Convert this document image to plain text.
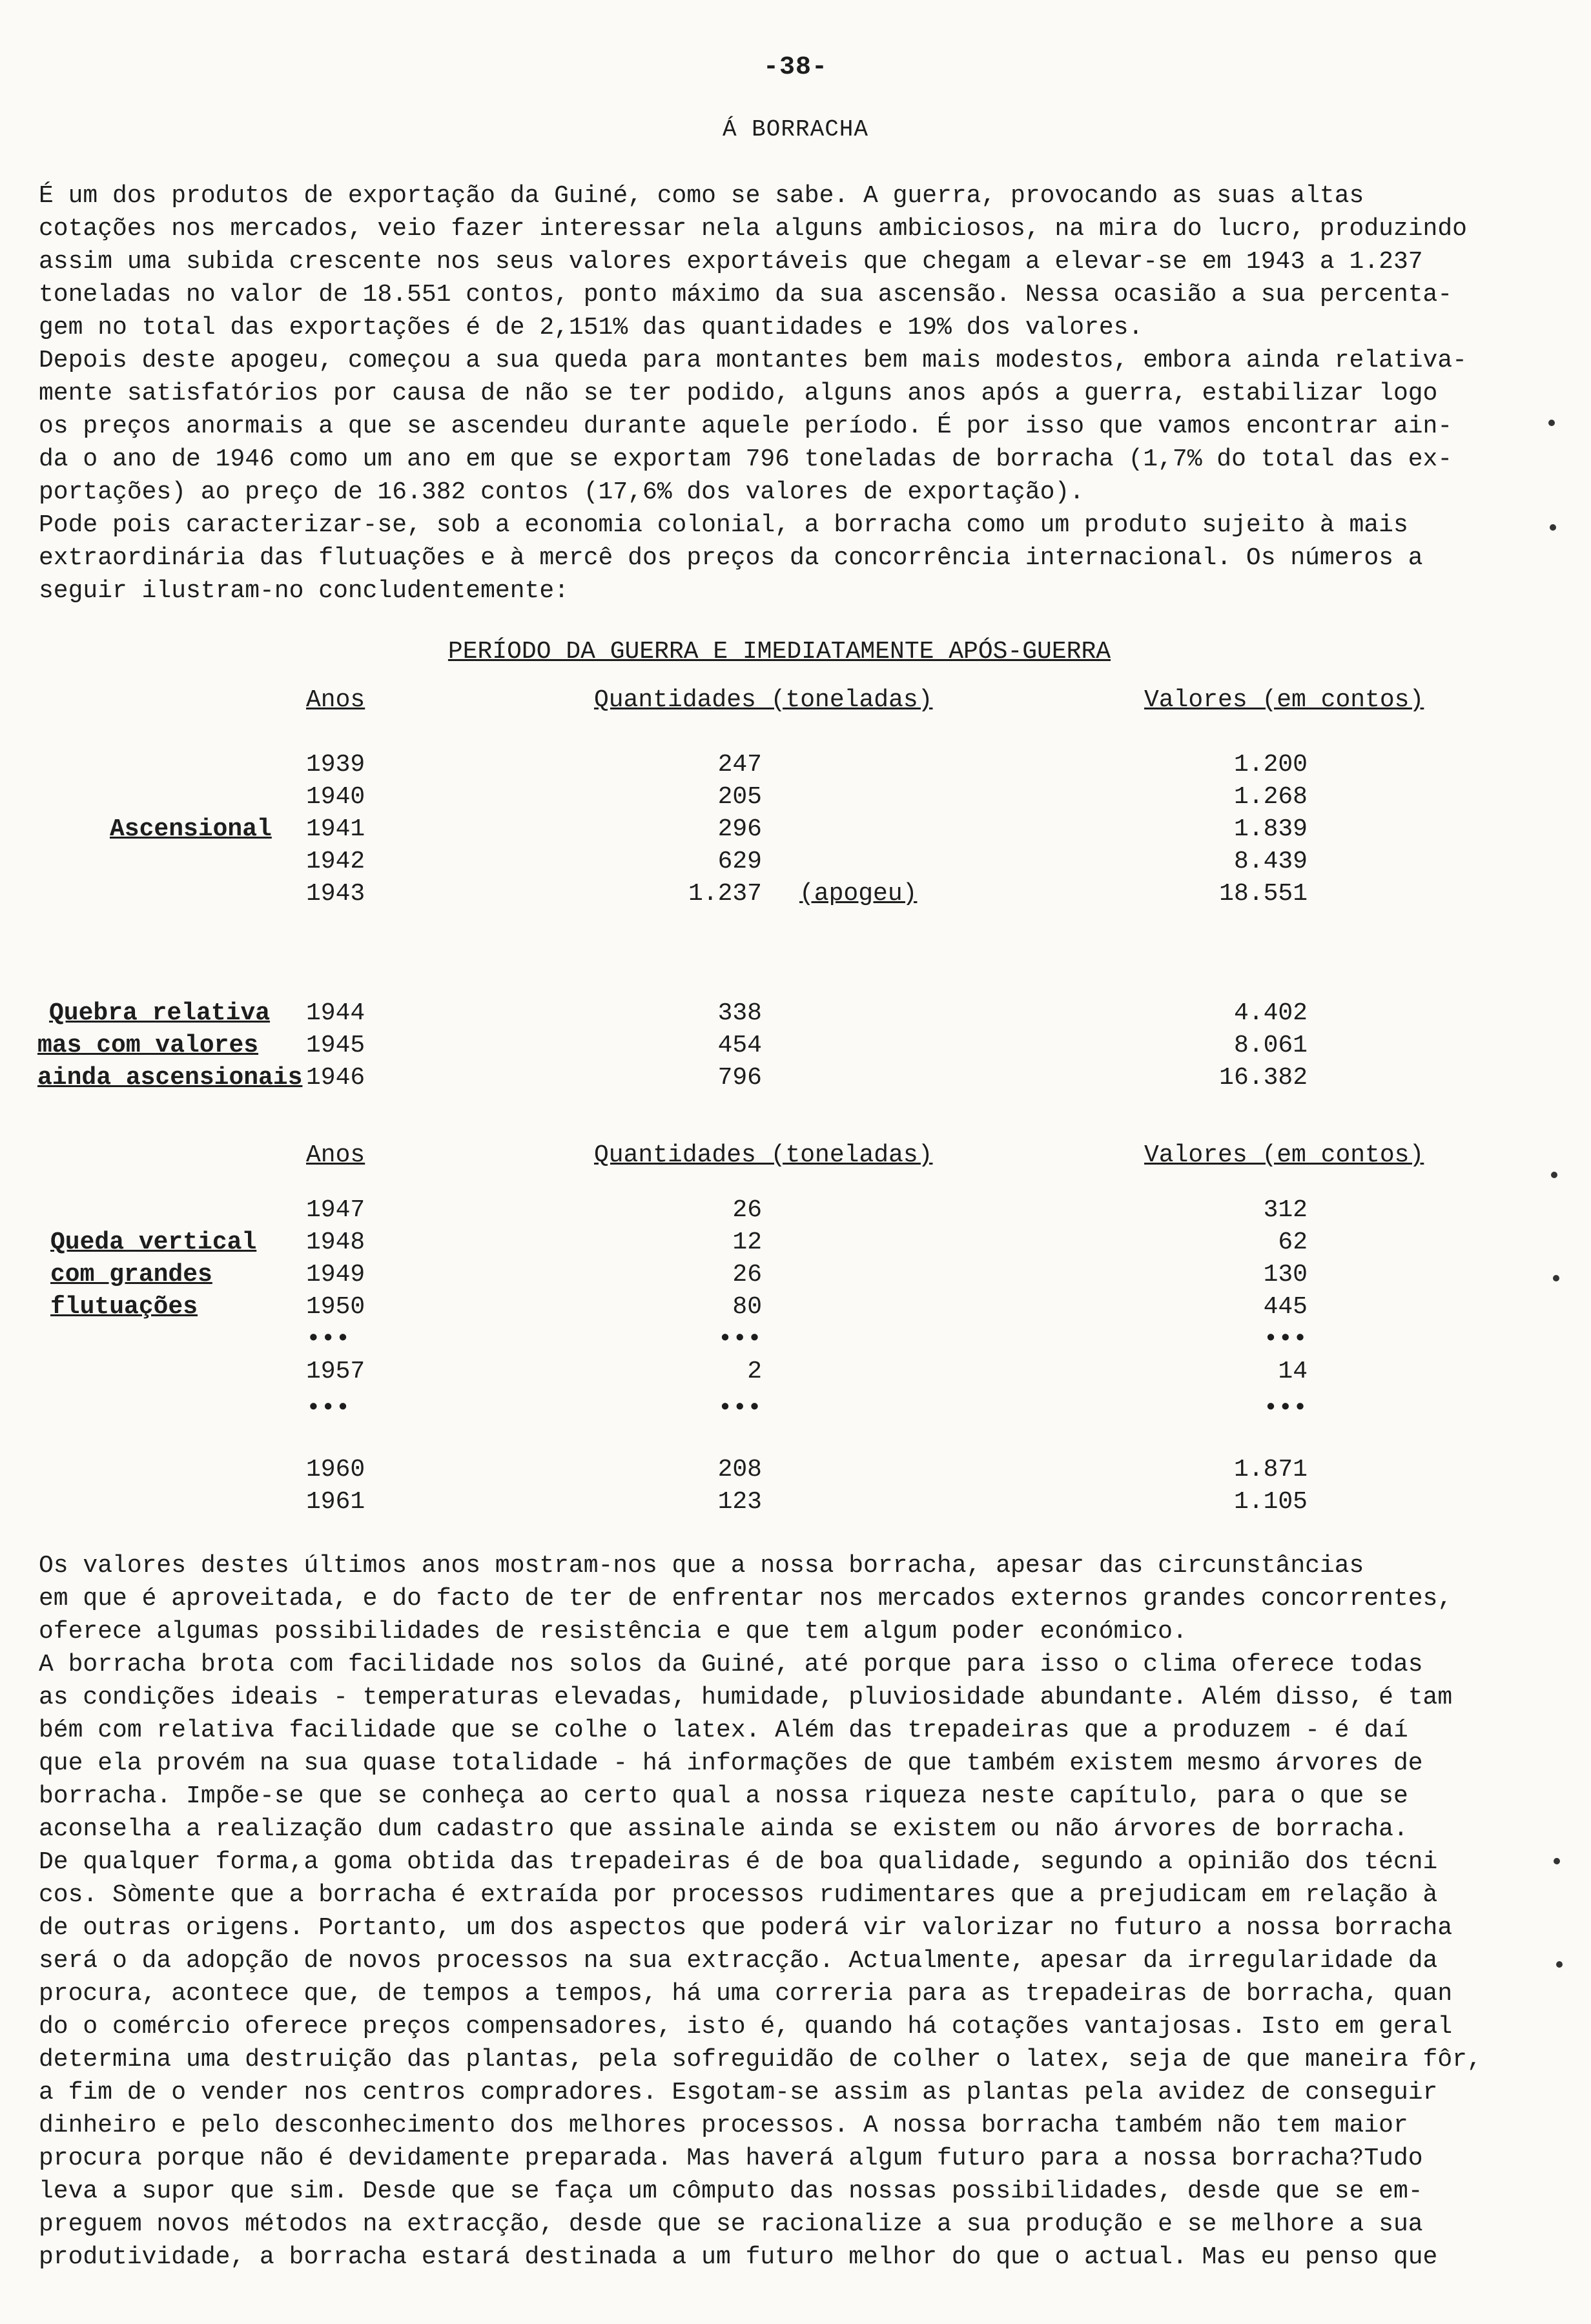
-38-
Á BORRACHA
É um dos produtos de exportação da Guiné, como se sabe. A guerra, provocando as suas altas
cotações nos mercados, veio fazer interessar nela alguns ambiciosos, na mira do lucro, produzindo
assim uma subida crescente nos seus valores exportáveis que chegam a elevar-se em 1943 a 1.237
toneladas no valor de 18.551 contos, ponto máximo da sua ascensão. Nessa ocasião a sua percenta-
gem no total das exportações é de 2,151% das quantidades e 19% dos valores.
Depois deste apogeu, começou a sua queda para montantes bem mais modestos, embora ainda relativa-
mente satisfatórios por causa de não se ter podido, alguns anos após a guerra, estabilizar logo
os preços anormais a que se ascendeu durante aquele período. É por isso que vamos encontrar ain-
da o ano de 1946 como um ano em que se exportam 796 toneladas de borracha (1,7% do total das ex-
portações) ao preço de 16.382 contos (17,6% dos valores de exportação).
Pode pois caracterizar-se, sob a economia colonial, a borracha como um produto sujeito à mais
extraordinária das flutuações e à mercê dos preços da concorrência internacional. Os números a
seguir ilustram-no concludentemente:
PERÍODO DA GUERRA E IMEDIATAMENTE APÓS-GUERRA
Anos	Quantidades (toneladas)	Valores (em contos)
Ascensional
1939	247	1.200
1940	205	1.268
1941	296	1.839
1942	629	8.439
1943	1.237 (apogeu)	18.551
Quebra relativa
mas com valores
ainda ascensionais
1944	338	4.402
1945	454	8.061
1946	796	16.382
Anos	Quantidades (toneladas)	Valores (em contos)
Queda vertical
com grandes
flutuações
1947	26	312
1948	12	62
1949	26	130
1950	80	445
•••	•••	•••
1957	2	14
•••	•••	•••
1960	208	1.871
1961	123	1.105
Os valores destes últimos anos mostram-nos que a nossa borracha, apesar das circunstâncias
em que é aproveitada, e do facto de ter de enfrentar nos mercados externos grandes concorrentes,
oferece algumas possibilidades de resistência e que tem algum poder económico.
A borracha brota com facilidade nos solos da Guiné, até porque para isso o clima oferece todas
as condições ideais - temperaturas elevadas, humidade, pluviosidade abundante. Além disso, é tam
bém com relativa facilidade que se colhe o latex. Além das trepadeiras que a produzem - é daí
que ela provém na sua quase totalidade - há informações de que também existem mesmo árvores de
borracha. Impõe-se que se conheça ao certo qual a nossa riqueza neste capítulo, para o que se
aconselha a realização dum cadastro que assinale ainda se existem ou não árvores de borracha.
De qualquer forma,a goma obtida das trepadeiras é de boa qualidade, segundo a opinião dos técni
cos. Sòmente que a borracha é extraída por processos rudimentares que a prejudicam em relação à
de outras origens. Portanto, um dos aspectos que poderá vir valorizar no futuro a nossa borracha
será o da adopção de novos processos na sua extracção. Actualmente, apesar da irregularidade da
procura, acontece que, de tempos a tempos, há uma correria para as trepadeiras de borracha, quan
do o comércio oferece preços compensadores, isto é, quando há cotações vantajosas. Isto em geral
determina uma destruição das plantas, pela sofreguidão de colher o latex, seja de que maneira fôr,
a fim de o vender nos centros compradores. Esgotam-se assim as plantas pela avidez de conseguir
dinheiro e pelo desconhecimento dos melhores processos. A nossa borracha também não tem maior
procura porque não é devidamente preparada. Mas haverá algum futuro para a nossa borracha?Tudo
leva a supor que sim. Desde que se faça um cômputo das nossas possibilidades, desde que se em-
preguem novos métodos na extracção, desde que se racionalize a sua produção e se melhore a sua
produtividade, a borracha estará destinada a um futuro melhor do que o actual. Mas eu penso que
